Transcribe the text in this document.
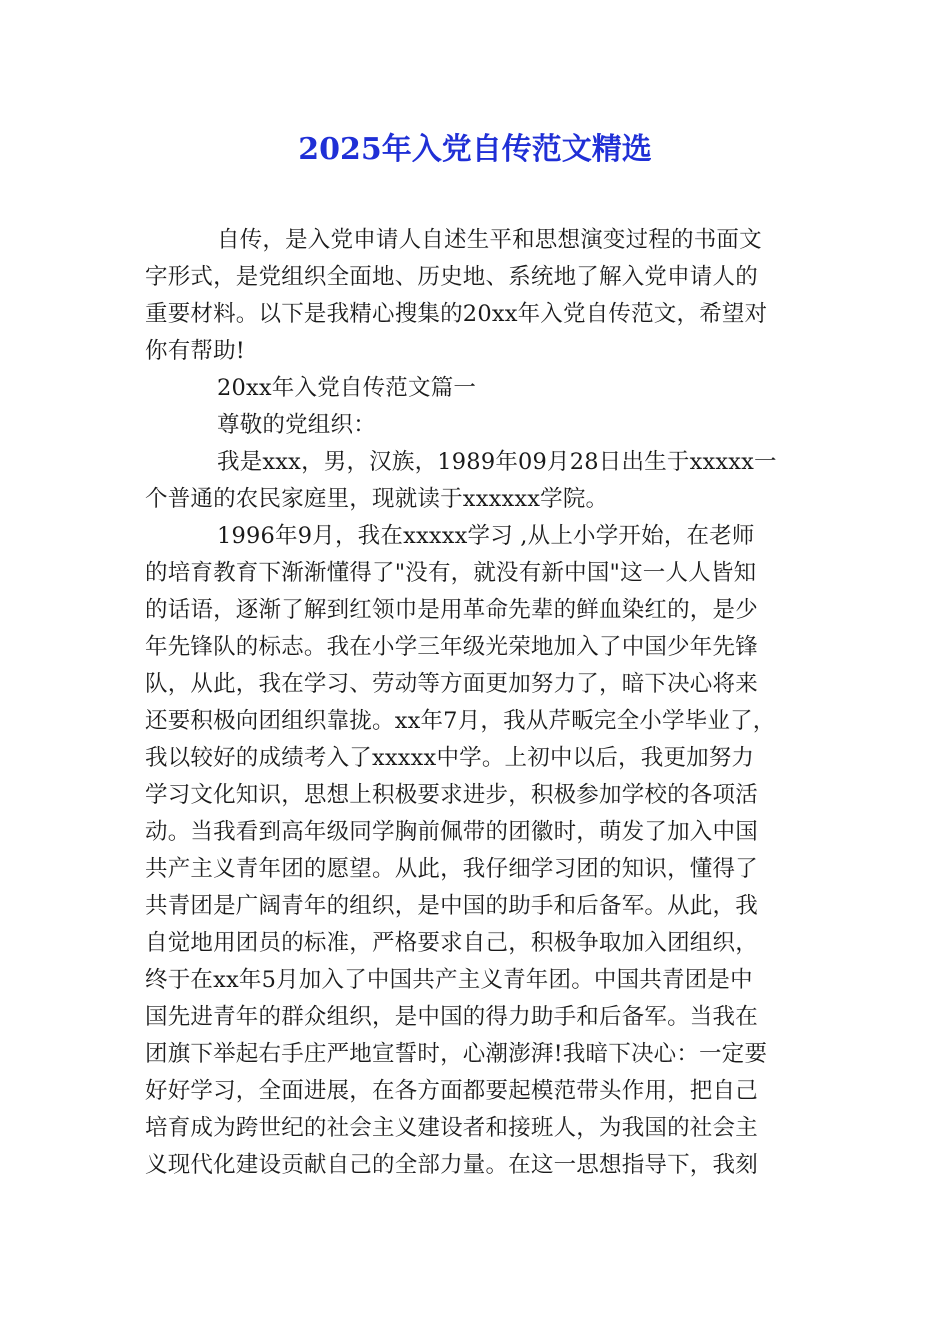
2025年入党自传范文精选
自传，是入党申请人自述生平和思想演变过程的书面文
字形式，是党组织全面地、历史地、系统地了解入党申请人的
重要材料。以下是我精心搜集的20xx年入党自传范文，希望对
你有帮助!
20xx年入党自传范文篇一
尊敬的党组织：
我是xxx，男，汉族，1989年09月28日出生于xxxxx一
个普通的农民家庭里，现就读于xxxxxx学院。
1996年9月，我在xxxxx学习 ,从上小学开始，在老师
的培育教育下渐渐懂得了"没有，就没有新中国"这一人人皆知
的话语，逐渐了解到红领巾是用革命先辈的鲜血染红的，是少
年先锋队的标志。我在小学三年级光荣地加入了中国少年先锋
队，从此，我在学习、劳动等方面更加努力了，暗下决心将来
还要积极向团组织靠拢。xx年7月，我从芹畈完全小学毕业了，
我以较好的成绩考入了xxxxx中学。上初中以后，我更加努力
学习文化知识，思想上积极要求进步，积极参加学校的各项活
动。当我看到高年级同学胸前佩带的团徽时，萌发了加入中国
共产主义青年团的愿望。从此，我仔细学习团的知识，懂得了
共青团是广阔青年的组织，是中国的助手和后备军。从此，我
自觉地用团员的标准，严格要求自己，积极争取加入团组织，
终于在xx年5月加入了中国共产主义青年团。中国共青团是中
国先进青年的群众组织，是中国的得力助手和后备军。当我在
团旗下举起右手庄严地宣誓时，心潮澎湃!我暗下决心：一定要
好好学习，全面进展，在各方面都要起模范带头作用，把自己
培育成为跨世纪的社会主义建设者和接班人，为我国的社会主
义现代化建设贡献自己的全部力量。在这一思想指导下，我刻
